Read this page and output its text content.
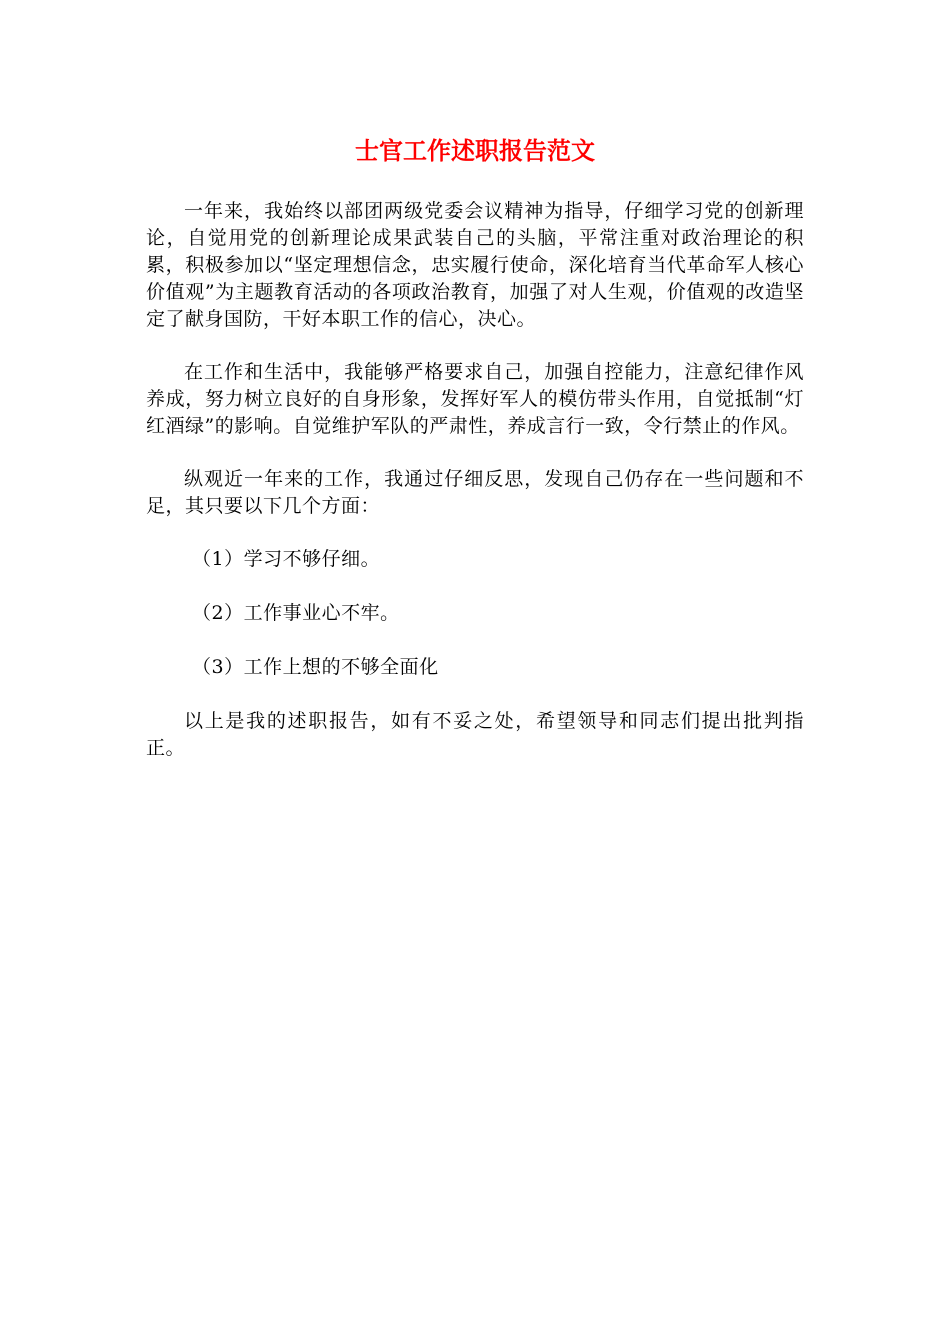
士官工作述职报告范文

一年来，我始终以部团两级党委会议精神为指导，仔细学习党的创新理论，自觉用党的创新理论成果武装自己的头脑，平常注重对政治理论的积累，积极参加以“坚定理想信念，忠实履行使命，深化培育当代革命军人核心价值观”为主题教育活动的各项政治教育，加强了对人生观，价值观的改造坚定了献身国防，干好本职工作的信心，决心。

在工作和生活中，我能够严格要求自己，加强自控能力，注意纪律作风养成，努力树立良好的自身形象，发挥好军人的模仿带头作用，自觉抵制“灯红酒绿”的影响。自觉维护军队的严肃性，养成言行一致，令行禁止的作风。

纵观近一年来的工作，我通过仔细反思，发现自己仍存在一些问题和不足，其只要以下几个方面：

（1）学习不够仔细。
（2）工作事业心不牢。
（3）工作上想的不够全面化

以上是我的述职报告，如有不妥之处，希望领导和同志们提出批判指正。
